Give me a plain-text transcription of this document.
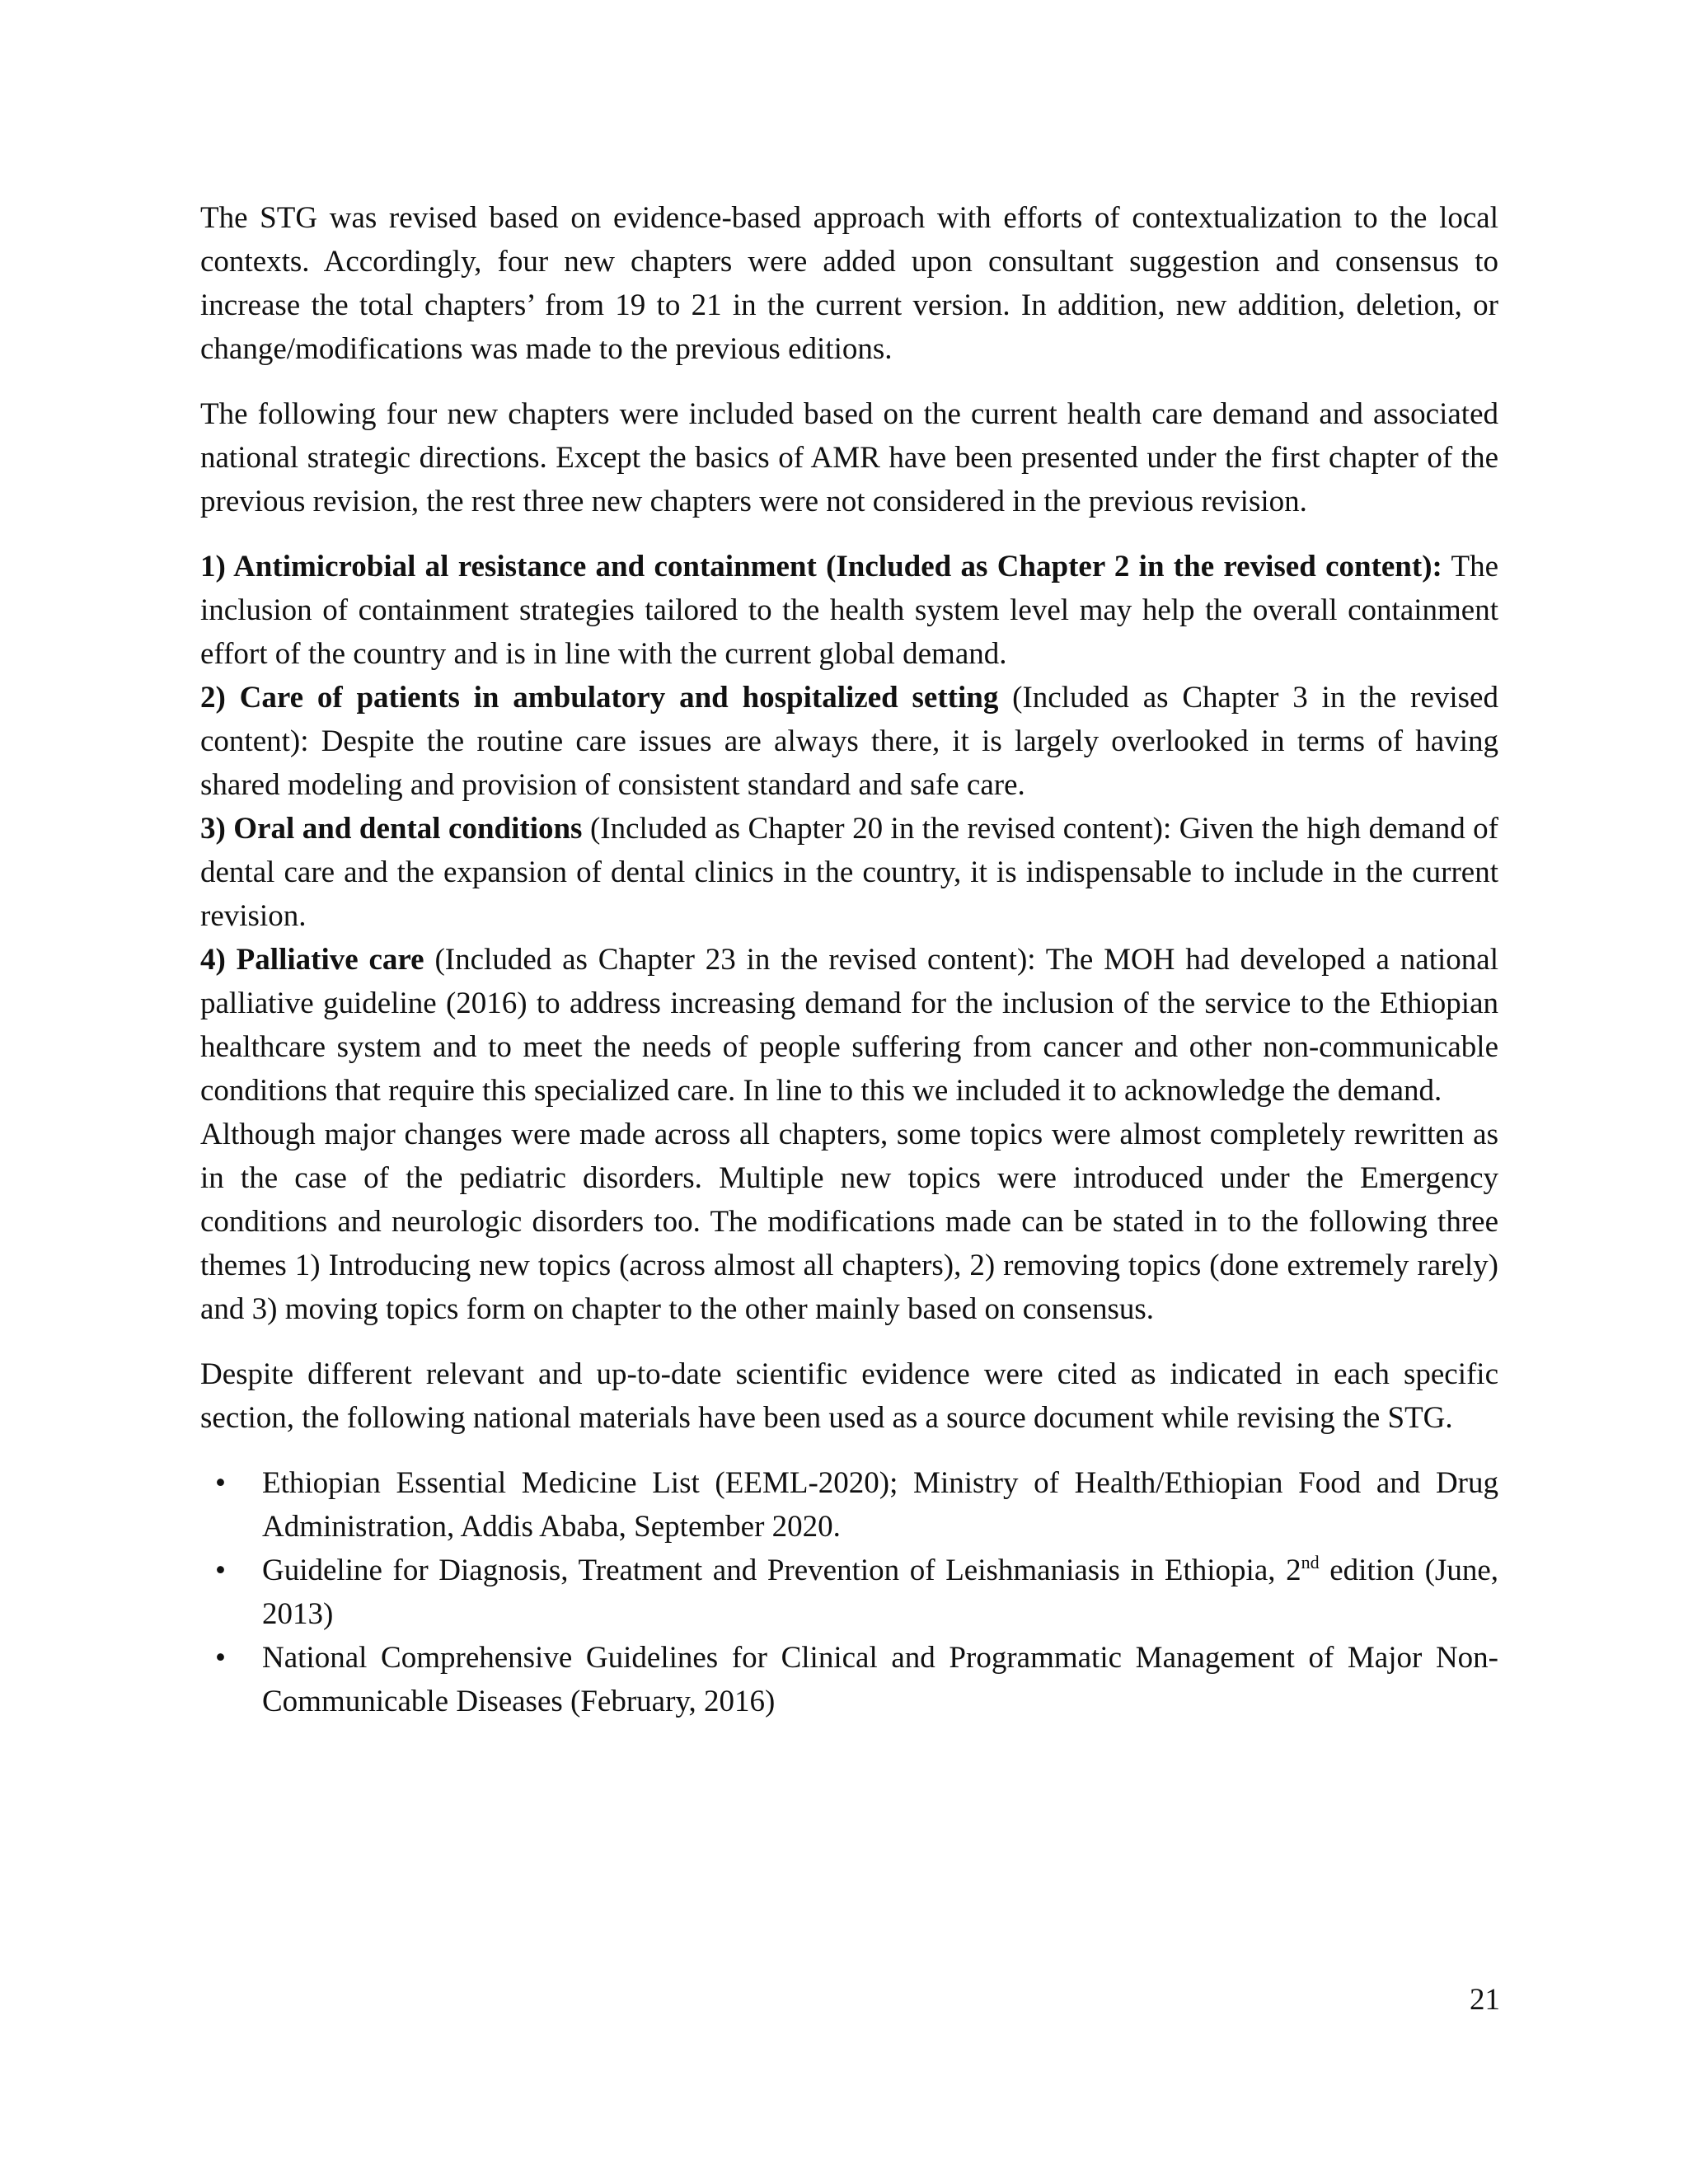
The STG was revised based on evidence-based approach with efforts of contextualization to the local contexts. Accordingly, four new chapters were added upon consultant suggestion and consensus to increase the total chapters’ from 19 to 21 in the current version. In addition, new addition, deletion, or change/modifications was made to the previous editions.

The following four new chapters were included based on the current health care demand and associated national strategic directions. Except the basics of AMR have been presented under the first chapter of the previous revision, the rest three new chapters were not considered in the previous revision.

1) Antimicrobial al resistance and containment (Included as Chapter 2 in the revised content): The inclusion of containment strategies tailored to the health system level may help the overall containment effort of the country and is in line with the current global demand.

2) Care of patients in ambulatory and hospitalized setting (Included as Chapter 3 in the revised content): Despite the routine care issues are always there, it is largely overlooked in terms of having shared modeling and provision of consistent standard and safe care.

3) Oral and dental conditions (Included as Chapter 20 in the revised content): Given the high demand of dental care and the expansion of dental clinics in the country, it is indispensable to include in the current revision.

4) Palliative care (Included as Chapter 23 in the revised content): The MOH had developed a national palliative guideline (2016) to address increasing demand for the inclusion of the service to the Ethiopian healthcare system and to meet the needs of people suffering from cancer and other non-communicable conditions that require this specialized care. In line to this we included it to acknowledge the demand.

Although major changes were made across all chapters, some topics were almost completely rewritten as in the case of the pediatric disorders. Multiple new topics were introduced under the Emergency conditions and neurologic disorders too. The modifications made can be stated in to the following three themes 1) Introducing new topics (across almost all chapters), 2) removing topics (done extremely rarely) and 3) moving topics form on chapter to the other mainly based on consensus.

Despite different relevant and up-to-date scientific evidence were cited as indicated in each specific section, the following national materials have been used as a source document while revising the STG.

• Ethiopian Essential Medicine List (EEML-2020); Ministry of Health/Ethiopian Food and Drug Administration, Addis Ababa, September 2020.
• Guideline for Diagnosis, Treatment and Prevention of Leishmaniasis in Ethiopia, 2nd edition (June, 2013)
• National Comprehensive Guidelines for Clinical and Programmatic Management of Major Non-Communicable Diseases (February, 2016)
21
